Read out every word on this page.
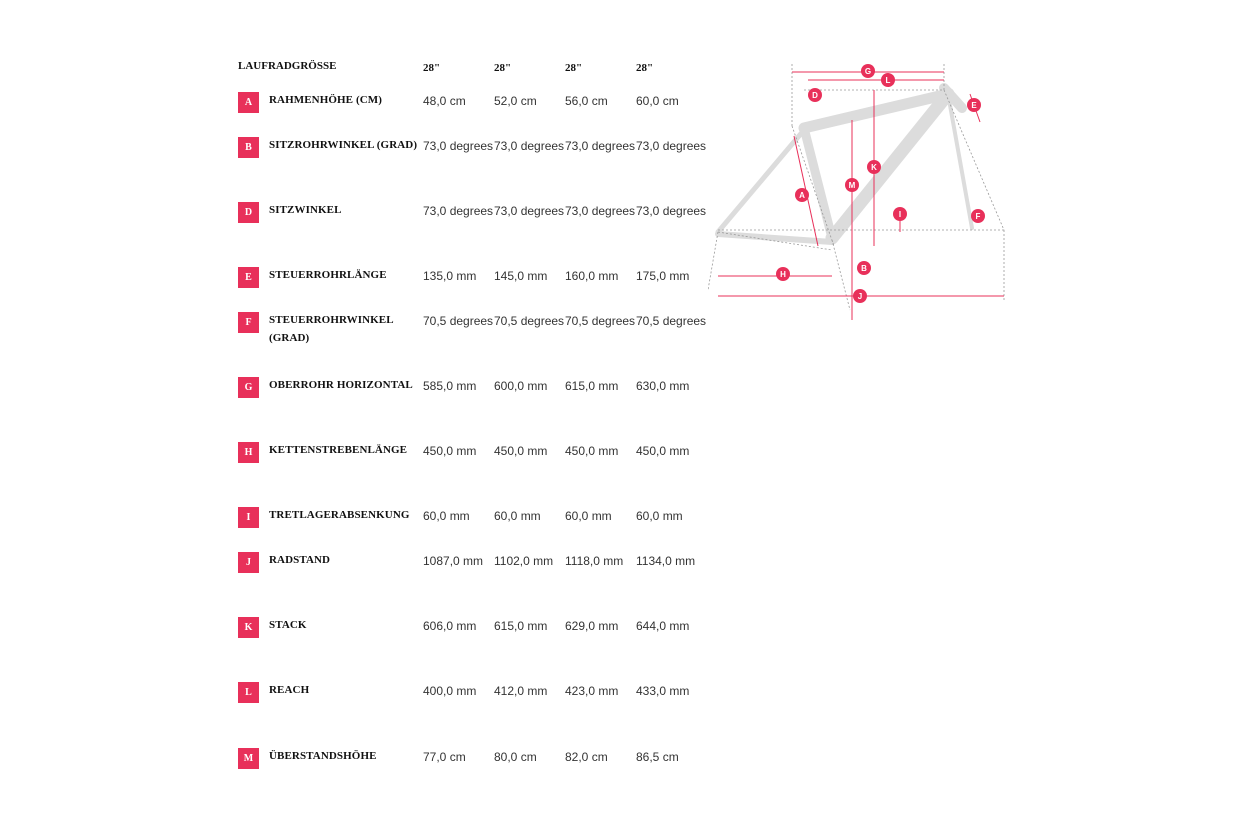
LAUFRADGRÖSSE	28"	28"	28"	28"
A	RAHMENHÖHE (CM)	48,0 cm	52,0 cm	56,0 cm	60,0 cm
B	SITZROHRWINKEL (GRAD) 73,0 degrees 73,0 degrees 73,0 degrees 73,0 degrees
D	SITZWINKEL	73,0 degrees 73,0 degrees 73,0 degrees 73,0 degrees
E	STEUERROHRLÄNGE	135,0 mm	145,0 mm	160,0 mm	175,0 mm
F	STEUERROHRWINKEL (GRAD)
70,5 degrees 70,5 degrees 70,5 degrees 70,5 degrees
G	OBERROHR HORIZONTAL 585,0 mm	600,0 mm	615,0 mm	630,0 mm
H	KETTENSTREBENLÄNGE 450,0 mm	450,0 mm	450,0 mm	450,0 mm
I	TRETLAGERABSENKUNG 60,0 mm	60,0 mm	60,0 mm	60,0 mm
J	RADSTAND	1087,0 mm 1102,0 mm 1118,0 mm	1134,0 mm
K	STACK	606,0 mm	615,0 mm	629,0 mm	644,0 mm
L	REACH	400,0 mm	412,0 mm	423,0 mm	433,0 mm
M	ÜBERSTANDSHÖHE	77,0 cm	80,0 cm	82,0 cm	86,5 cm
G
L
D
E
A
M
K
I	F
B
H
J
